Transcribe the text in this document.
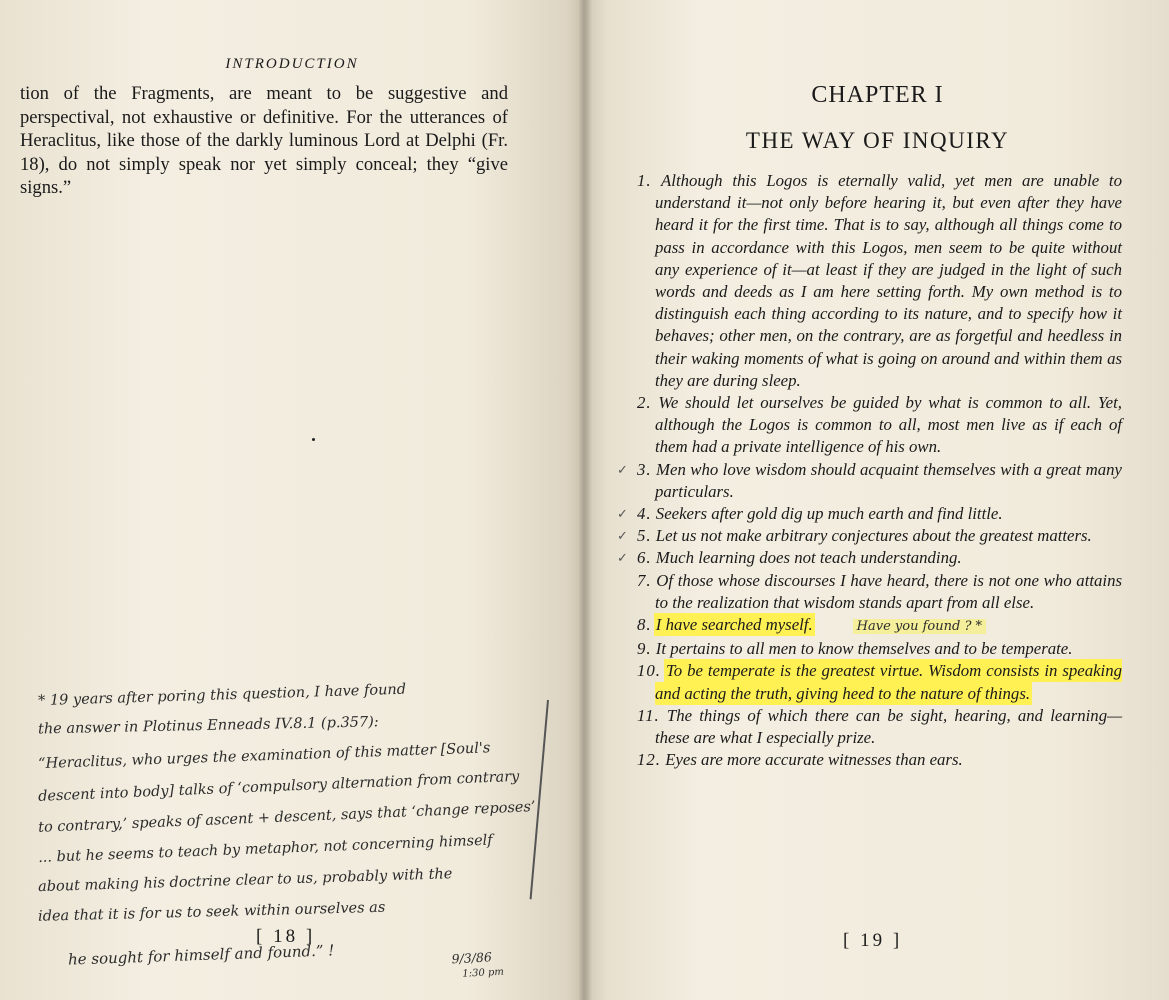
INTRODUCTION

tion of the Fragments, are meant to be suggestive and perspectival, not exhaustive or definitive. For the utterances of Heraclitus, like those of the darkly luminous Lord at Delphi (Fr. 18), do not simply speak nor yet simply conceal; they “give signs.”

* 19 years after poring this question, I have found
the answer in Plotinus Enneads IV.8.1 (p.357):
“Heraclitus, who urges the examination of this matter [Soul's
descent into body] talks of ‘compulsory alternation from contrary
to contrary,’ speaks of ascent + descent, says that ‘change reposes’
... but he seems to teach by metaphor, not concerning himself
about making his doctrine clear to us, probably with the
idea that it is for us to seek within ourselves as
[ 18 ]
he sought for himself and found.” !	9/3/86
1:30 pm
CHAPTER I
THE WAY OF INQUIRY
1. Although this Logos is eternally valid, yet men are unable to understand it—not only before hearing it, but even after they have heard it for the first time. That is to say, although all things come to pass in accordance with this Logos, men seem to be quite without any experience of it—at least if they are judged in the light of such words and deeds as I am here setting forth. My own method is to distinguish each thing according to its nature, and to specify how it behaves; other men, on the contrary, are as forgetful and heedless in their waking moments of what is going on around and within them as they are during sleep.
2. We should let ourselves be guided by what is common to all. Yet, although the Logos is common to all, most men live as if each of them had a private intelligence of his own.
✓ 3. Men who love wisdom should acquaint themselves with a great many particulars.
✓ 4. Seekers after gold dig up much earth and find little.
✓ 5. Let us not make arbitrary conjectures about the greatest matters.
✓ 6. Much learning does not teach understanding.
7. Of those whose discourses I have heard, there is not one who attains to the realization that wisdom stands apart from all else.
8. I have searched myself.	Have you found ? *
9. It pertains to all men to know themselves and to be temperate.
10. To be temperate is the greatest virtue. Wisdom consists in speaking and acting the truth, giving heed to the nature of things.
11. The things of which there can be sight, hearing, and learning—these are what I especially prize.
12. Eyes are more accurate witnesses than ears.
[ 19 ]
